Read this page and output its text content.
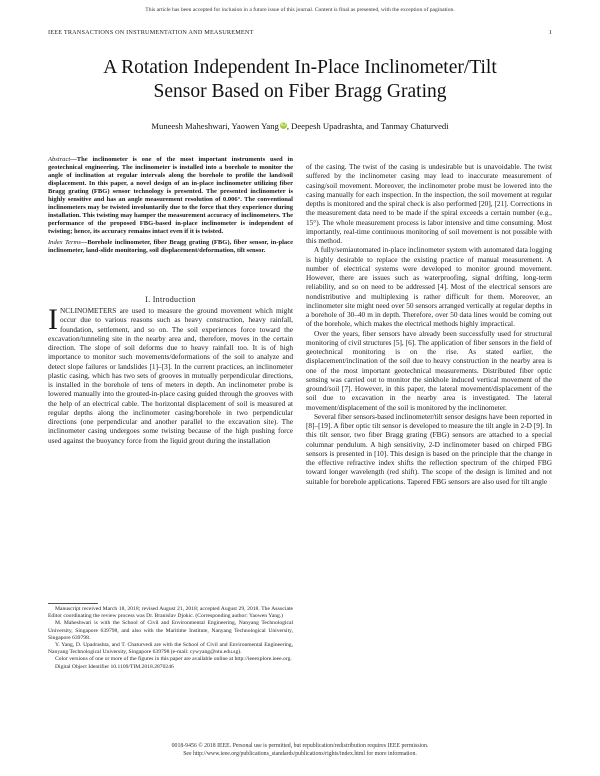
This article has been accepted for inclusion in a future issue of this journal. Content is final as presented, with the exception of pagination.
IEEE TRANSACTIONS ON INSTRUMENTATION AND MEASUREMENT	1
A Rotation Independent In-Place Inclinometer/Tilt
Sensor Based on Fiber Bragg Grating
Muneesh Maheshwari, Yaowen Yang iD, Deepesh Upadrashta, and Tanmay Chaturvedi
Abstract—The inclinometer is one of the most important instruments used in geotechnical engineering. The inclinometer is installed into a borehole to monitor the angle of inclination at regular intervals along the borehole to profile the land/soil displacement. In this paper, a novel design of an in-place inclinometer utilizing fiber Bragg grating (FBG) sensor technology is presented. The presented inclinometer is highly sensitive and has an angle measurement resolution of 0.006°. The conventional inclinometers may be twisted involuntarily due to the force that they experience during installation. This twisting may hamper the measurement accuracy of inclinometers. The performance of the proposed FBG-based in-place inclinometer is independent of twisting; hence, its accuracy remains intact even if it is twisted.
Index Terms—Borehole inclinometer, fiber Bragg grating (FBG), fiber sensor, in-place inclinometer, land-slide monitoring, soil displacement/deformation, tilt sensor.
I. Introduction
INCLINOMETERS are used to measure the ground movement which might occur due to various reasons such as heavy construction, heavy rainfall, foundation, settlement, and so on. The soil experiences force toward the excavation/tunneling site in the nearby area and, therefore, moves in the certain direction. The slope of soil deforms due to heavy rainfall too. It is of high importance to monitor such movements/deformations of the soil to analyze and detect slope failures or landslides [1]–[3]. In the current practices, an inclinometer plastic casing, which has two sets of grooves in mutually perpendicular directions, is installed in the borehole of tens of meters in depth. An inclinometer probe is lowered manually into the grouted-in-place casing guided through the grooves with the help of an electrical cable. The horizontal displacement of soil is measured at regular depths along the inclinometer casing/borehole in two perpendicular directions (one perpendicular and another parallel to the excavation site). The inclinometer casing undergoes some twisting because of the high pushing force used against the buoyancy force from the liquid grout during the installation

Manuscript received March 18, 2018; revised August 21, 2018; accepted August 29, 2018. The Associate Editor coordinating the review process was Dr. Branislav Djokic. (Corresponding author: Yaowen Yang.)

M. Maheshwari is with the School of Civil and Environmental Engineering, Nanyang Technological University, Singapore 639798, and also with the Maritime Institute, Nanyang Technological University, Singapore 639798.

Y. Yang, D. Upadrashta, and T. Chaturvedi are with the School of Civil and Environmental Engineering, Nanyang Technological University, Singapore 639798 (e-mail: cywyang@ntu.edu.sg).

Color versions of one or more of the figures in this paper are available online at http://ieeexplore.ieee.org.

Digital Object Identifier 10.1109/TIM.2018.2870246

of the casing. The twist of the casing is undesirable but is unavoidable. The twist suffered by the inclinometer casing may lead to inaccurate measurement of casing/soil movement. Moreover, the inclinometer probe must be lowered into the casing manually for each inspection. In the inspection, the soil movement at regular depths is monitored and the spiral check is also performed [20], [21]. Corrections in the measurement data need to be made if the spiral exceeds a certain number (e.g., 15°). The whole measurement process is labor intensive and time consuming. Most importantly, real-time continuous monitoring of soil movement is not possible with this method.

A fully/semiautomated in-place inclinometer system with automated data logging is highly desirable to replace the existing practice of manual measurement. A number of electrical systems were developed to monitor ground movement. However, there are issues such as waterproofing, signal drifting, long-term reliability, and so on need to be addressed [4]. Most of the electrical sensors are nondistributive and multiplexing is rather difficult for them. Moreover, an inclinometer site might need over 50 sensors arranged vertically at regular depths in a borehole of 30–40 m in depth. Therefore, over 50 data lines would be coming out of the borehole, which makes the electrical methods highly impractical.

Over the years, fiber sensors have already been successfully used for structural monitoring of civil structures [5], [6]. The application of fiber sensors in the field of geotechnical monitoring is on the rise. As stated earlier, the displacement/inclination of the soil due to heavy construction in the nearby area is one of the most important geotechnical measurements. Distributed fiber optic sensing was carried out to monitor the sinkhole induced vertical movement of the ground/soil [7]. However, in this paper, the lateral movement/displacement of the soil due to excavation in the nearby area is investigated. The lateral movement/displacement of the soil is monitored by the inclinometer.

Several fiber sensors-based inclinometer/tilt sensor designs have been reported in [8]–[19]. A fiber optic tilt sensor is developed to measure the tilt angle in 2-D [9]. In this tilt sensor, two fiber Bragg grating (FBG) sensors are attached to a special columnar pendulum. A high sensitivity, 2-D inclinometer based on chirped FBG sensors is presented in [10]. This design is based on the principle that the change in the effective refractive index shifts the reflection spectrum of the chirped FBG toward longer wavelength (red shift). The scope of the design is limited and not suitable for borehole applications. Tapered FBG sensors are also used for tilt angle

0018-9456 © 2018 IEEE. Personal use is permitted, but republication/redistribution requires IEEE permission.
See http://www.ieee.org/publications_standards/publications/rights/index.html for more information.
